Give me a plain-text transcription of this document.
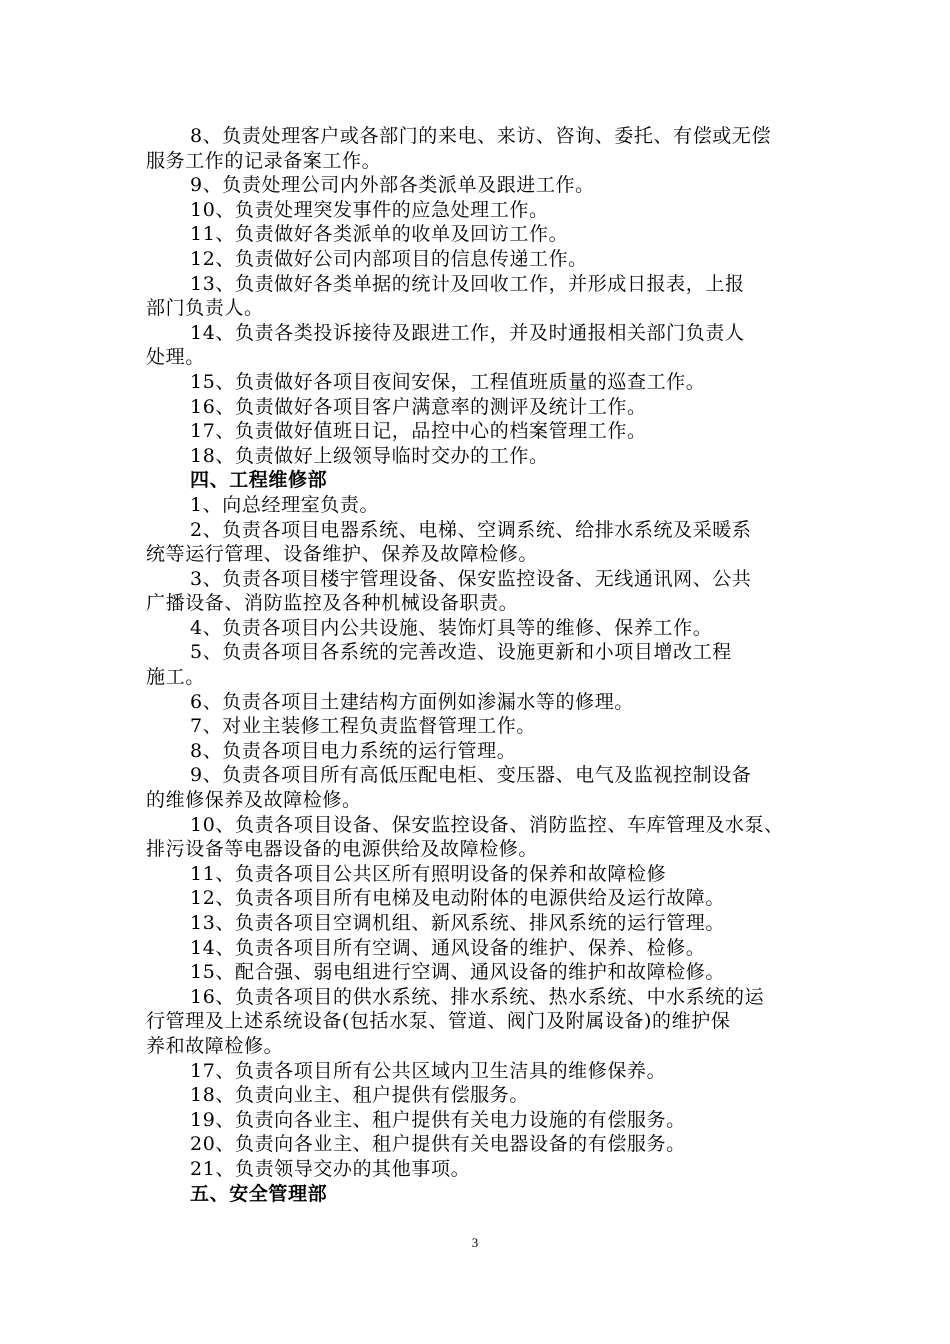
8、负责处理客户或各部门的来电、来访、咨询、委托、有偿或无偿
服务工作的记录备案工作。
9、负责处理公司内外部各类派单及跟进工作。
10、负责处理突发事件的应急处理工作。
11、负责做好各类派单的收单及回访工作。
12、负责做好公司内部项目的信息传递工作。
13、负责做好各类单据的统计及回收工作，并形成日报表，上报
部门负责人。
14、负责各类投诉接待及跟进工作，并及时通报相关部门负责人
处理。
15、负责做好各项目夜间安保，工程值班质量的巡查工作。
16、负责做好各项目客户满意率的测评及统计工作。
17、负责做好值班日记，品控中心的档案管理工作。
18、负责做好上级领导临时交办的工作。
四、工程维修部
1、向总经理室负责。
2、负责各项目电器系统、电梯、空调系统、给排水系统及采暖系
统等运行管理、设备维护、保养及故障检修。
3、负责各项目楼宇管理设备、保安监控设备、无线通讯网、公共
广播设备、消防监控及各种机械设备职责。
4、负责各项目内公共设施、装饰灯具等的维修、保养工作。
5、负责各项目各系统的完善改造、设施更新和小项目增改工程
施工。
6、负责各项目土建结构方面例如渗漏水等的修理。
7、对业主装修工程负责监督管理工作。
8、负责各项目电力系统的运行管理。
9、负责各项目所有高低压配电柜、变压器、电气及监视控制设备
的维修保养及故障检修。
10、负责各项目设备、保安监控设备、消防监控、车库管理及水泵、
排污设备等电器设备的电源供给及故障检修。
11、负责各项目公共区所有照明设备的保养和故障检修
12、负责各项目所有电梯及电动附体的电源供给及运行故障。
13、负责各项目空调机组、新风系统、排风系统的运行管理。
14、负责各项目所有空调、通风设备的维护、保养、检修。
15、配合强、弱电组进行空调、通风设备的维护和故障检修。
16、负责各项目的供水系统、排水系统、热水系统、中水系统的运
行管理及上述系统设备(包括水泵、管道、阀门及附属设备)的维护保
养和故障检修。
17、负责各项目所有公共区域内卫生洁具的维修保养。
18、负责向业主、租户提供有偿服务。
19、负责向各业主、租户提供有关电力设施的有偿服务。
20、负责向各业主、租户提供有关电器设备的有偿服务。
21、负责领导交办的其他事项。
五、安全管理部
3
